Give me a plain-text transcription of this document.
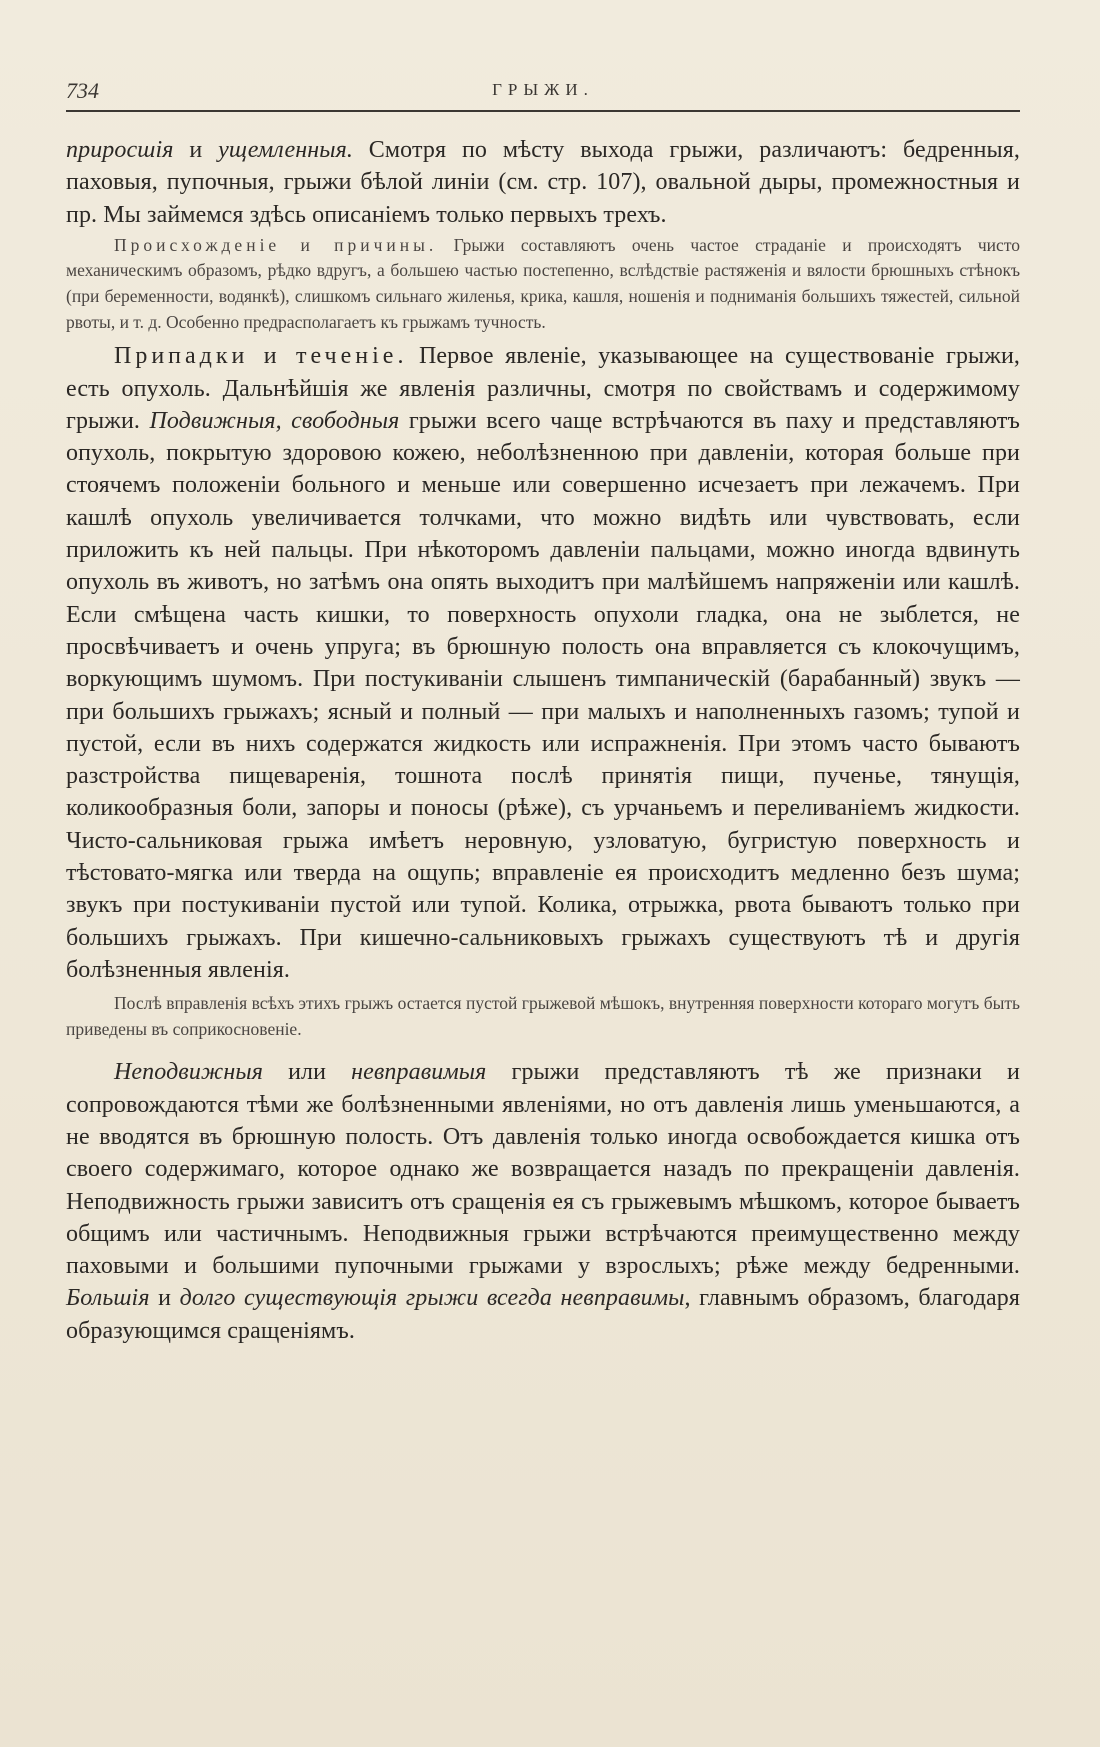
734	ГРЫЖИ.

приросшія и ущемленныя. Смотря по мѣсту выхода грыжи, различаютъ: бедренныя, паховыя, пупочныя, грыжи бѣлой линіи (см. стр. 107), овальной дыры, промежностныя и пр. Мы займемся здѣсь описаніемъ только первыхъ трехъ.

Происхожденіе и причины. Грыжи составляютъ очень частое страданіе и происходятъ чисто механическимъ образомъ, рѣдко вдругъ, а большею частью постепенно, вслѣдствіе растяженія и вялости брюшныхъ стѣнокъ (при беременности, водянкѣ), слишкомъ сильнаго жиленья, крика, кашля, ношенія и подниманія большихъ тяжестей, сильной рвоты, и т. д. Особенно предрасполагаетъ къ грыжамъ тучность.

Припадки и теченіе. Первое явленіе, указывающее на существованіе грыжи, есть опухоль. Дальнѣйшія же явленія различны, смотря по свойствамъ и содержимому грыжи. Подвижныя, свободныя грыжи всего чаще встрѣчаются въ паху и представляютъ опухоль, покрытую здоровою кожею, неболѣзненною при давленіи, которая больше при стоячемъ положеніи больного и меньше или совершенно исчезаетъ при лежачемъ. При кашлѣ опухоль увеличивается толчками, что можно видѣть или чувствовать, если приложить къ ней пальцы. При нѣкоторомъ давленіи пальцами, можно иногда вдвинуть опухоль въ животъ, но затѣмъ она опять выходитъ при малѣйшемъ напряженіи или кашлѣ. Если смѣщена часть кишки, то поверхность опухоли гладка, она не зыблется, не просвѣчиваетъ и очень упруга; въ брюшную полость она вправляется съ клокочущимъ, воркующимъ шумомъ. При постукиваніи слышенъ тимпаническій (барабанный) звукъ — при большихъ грыжахъ; ясный и полный — при малыхъ и наполненныхъ газомъ; тупой и пустой, если въ нихъ содержатся жидкость или испражненія. При этомъ часто бываютъ разстройства пищеваренія, тошнота послѣ принятія пищи, пученье, тянущія, коликообразныя боли, запоры и поносы (рѣже), съ урчаньемъ и переливаніемъ жидкости. Чисто-сальниковая грыжа имѣетъ неровную, узловатую, бугристую поверхность и тѣстовато-мягка или тверда на ощупь; вправленіе ея происходитъ медленно безъ шума; звукъ при постукиваніи пустой или тупой. Колика, отрыжка, рвота бываютъ только при большихъ грыжахъ. При кишечно-сальниковыхъ грыжахъ существуютъ тѣ и другія болѣзненныя явленія.

Послѣ вправленія всѣхъ этихъ грыжъ остается пустой грыжевой мѣшокъ, внутренняя поверхности котораго могутъ быть приведены въ соприкосновеніе.

Неподвижныя или невправимыя грыжи представляютъ тѣ же признаки и сопровождаются тѣми же болѣзненными явленіями, но отъ давленія лишь уменьшаются, а не вводятся въ брюшную полость. Отъ давленія только иногда освобождается кишка отъ своего содержимаго, которое однако же возвращается назадъ по прекращеніи давленія. Неподвижность грыжи зависитъ отъ сращенія ея съ грыжевымъ мѣшкомъ, которое бываетъ общимъ или частичнымъ. Неподвижныя грыжи встрѣчаются преимущественно между паховыми и большими пупочными грыжами у взрослыхъ; рѣже между бедренными. Большія и долго существующія грыжи всегда невправимы, главнымъ образомъ, благодаря образующимся сращеніямъ.
